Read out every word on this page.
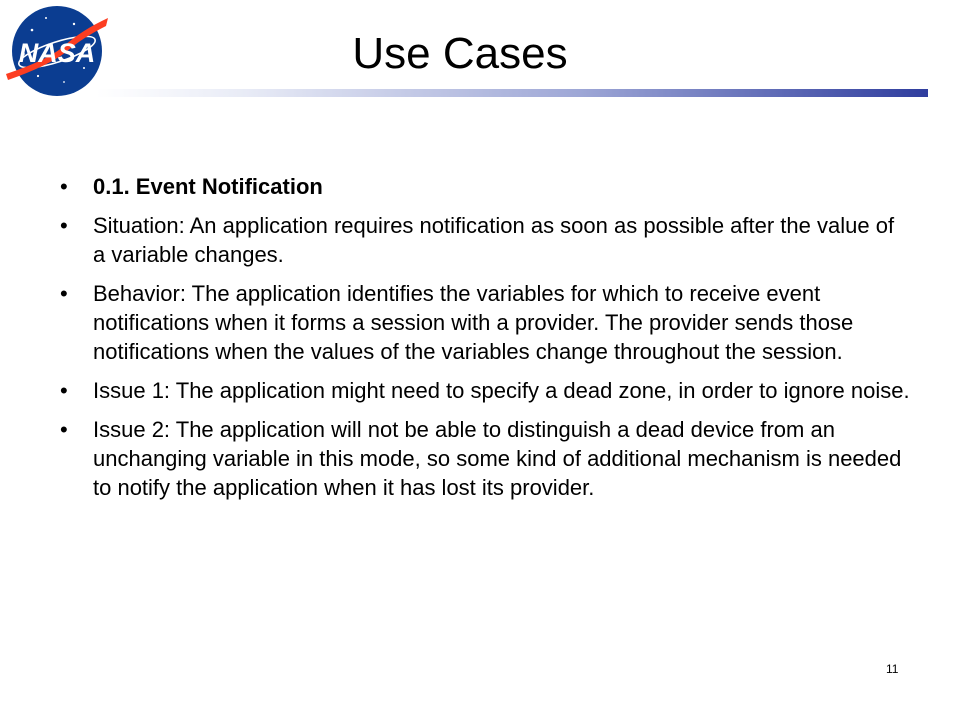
NASA	Use Cases
• 0.1. Event Notification
• Situation: An application requires notification as soon as possible after the value of a variable changes.
• Behavior: The application identifies the variables for which to receive event notifications when it forms a session with a provider. The provider sends those notifications when the values of the variables change throughout the session.
• Issue 1: The application might need to specify a dead zone, in order to ignore noise.
• Issue 2: The application will not be able to distinguish a dead device from an unchanging variable in this mode, so some kind of additional mechanism is needed to notify the application when it has lost its provider.
11
